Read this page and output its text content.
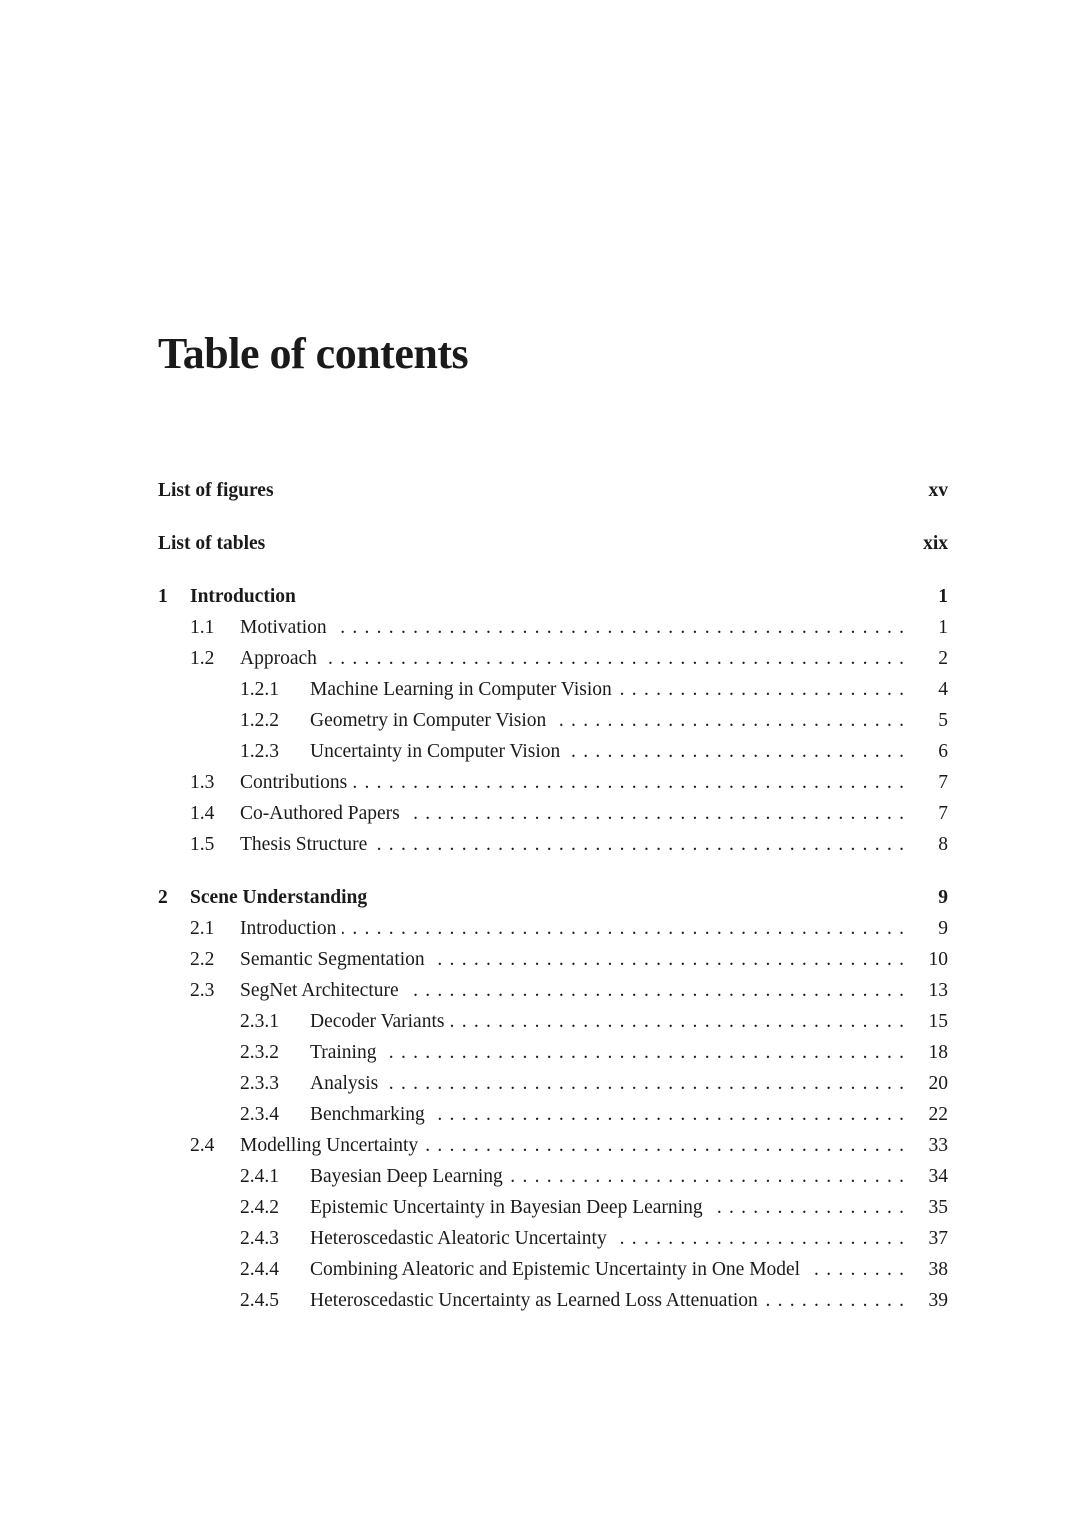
Table of contents
List of figures	xv
List of tables	xix
1 Introduction	1
1.1 Motivation . . .	1
1.2 Approach . . .	2
1.2.1 Machine Learning in Computer Vision . . .	4
1.2.2 Geometry in Computer Vision . . .	5
1.2.3 Uncertainty in Computer Vision . . .	6
1.3 Contributions . . .	7
1.4 Co-Authored Papers . . .	7
1.5 Thesis Structure . . .	8
2 Scene Understanding	9
2.1 Introduction . . .	9
2.2 Semantic Segmentation . . .	10
2.3 SegNet Architecture . . .	13
2.3.1 Decoder Variants . . .	15
2.3.2 Training . . .	18
2.3.3 Analysis . . .	20
2.3.4 Benchmarking . . .	22
2.4 Modelling Uncertainty . . .	33
2.4.1 Bayesian Deep Learning . . .	34
2.4.2 Epistemic Uncertainty in Bayesian Deep Learning . . .	35
2.4.3 Heteroscedastic Aleatoric Uncertainty . . .	37
2.4.4 Combining Aleatoric and Epistemic Uncertainty in One Model . . .	38
2.4.5 Heteroscedastic Uncertainty as Learned Loss Attenuation . . .	39
